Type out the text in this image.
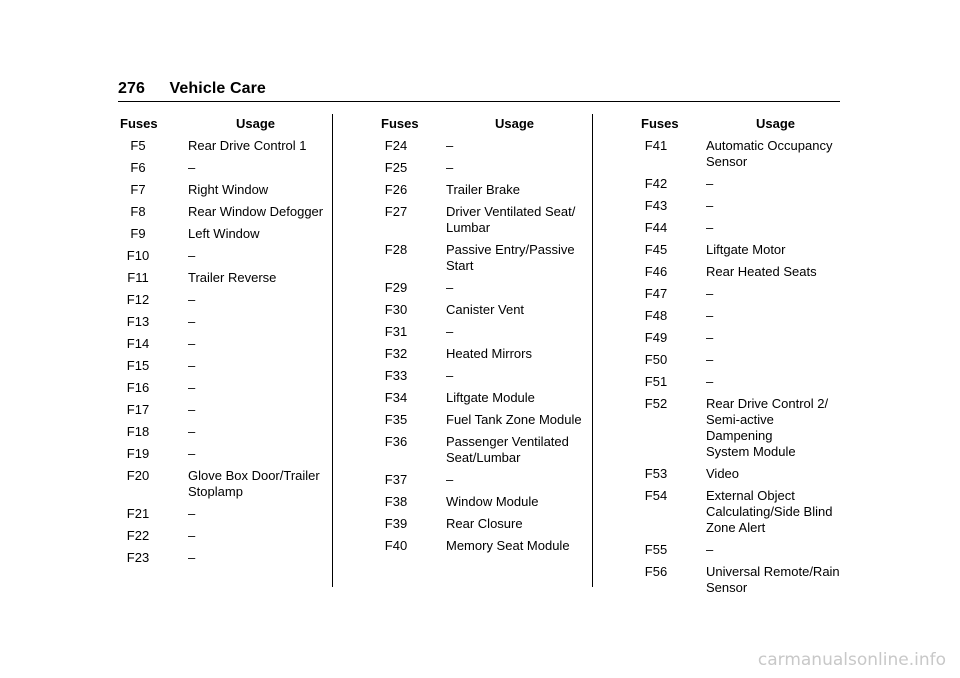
276 Vehicle Care
Fuses	Usage
F5	Rear Drive Control 1
F6	–
F7	Right Window
F8	Rear Window Defogger
F9	Left Window
F10	–
F11	Trailer Reverse
F12	–
F13	–
F14	–
F15	–
F16	–
F17	–
F18	–
F19	–
F20	Glove Box Door/Trailer
Stoplamp
F21	–
F22	–
F23	–
Fuses	Usage
F24	–
F25	–
F26	Trailer Brake
F27	Driver Ventilated Seat/
Lumbar
F28	Passive Entry/Passive
Start
F29	–
F30	Canister Vent
F31	–
F32	Heated Mirrors
F33	–
F34	Liftgate Module
F35	Fuel Tank Zone Module
F36	Passenger Ventilated
Seat/Lumbar
F37	–
F38	Window Module
F39	Rear Closure
F40	Memory Seat Module
Fuses	Usage
F41	Automatic Occupancy
Sensor
F42	–
F43	–
F44	–
F45	Liftgate Motor
F46	Rear Heated Seats
F47	–
F48	–
F49	–
F50	–
F51	–
F52	Rear Drive Control 2/
Semi-active Dampening
System Module
F53	Video
F54	External Object
Calculating/Side Blind
Zone Alert
F55	–
F56	Universal Remote/Rain
Sensor
carmanualsonline.info
